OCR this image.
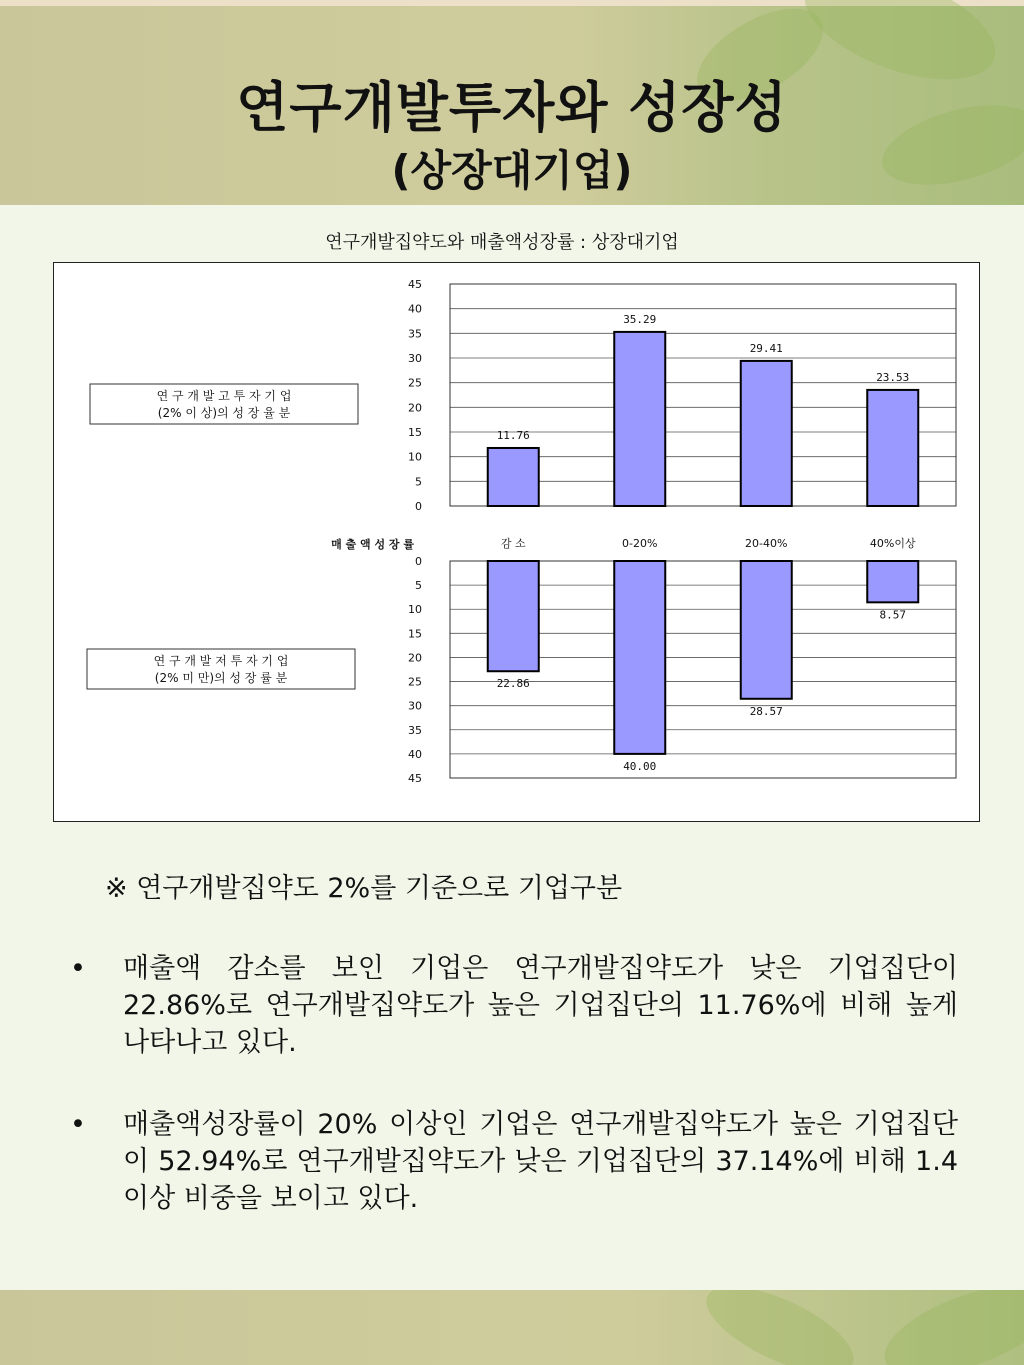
연구개발투자와 성장성
(상장대기업)
연구개발집약도와 매출액성장률 : 상장대기업
0
5
10
15
20
25
30
35
40
45
11.76
35.29
29.41
23.53
연 구 개 발 고 투 자 기 업
(2% 이 상)의 성 장 율 분
0
5
10
15
20
25
30
35
40
45
22.86
40.00
28.57
8.57
연 구 개 발 저 투 자 기 업
(2% 미 만)의 성 장 률 분
감 소	0-20%	20-40%	40%이상
매 출 액 성 장 률
※ 연구개발집약도 2%를 기준으로 기업구분
• 매출액 감소를 보인 기업은 연구개발집약도가 낮은 기업집단이 22.86%로 연구개발집약도가 높은 기업집단의 11.76%에 비해 높게 나타나고 있다.
• 매출액성장률이 20% 이상인 기업은 연구개발집약도가 높은 기업집단이 52.94%로 연구개발집약도가 낮은 기업집단의 37.14%에 비해 1.4이상 비중을 보이고 있다.
